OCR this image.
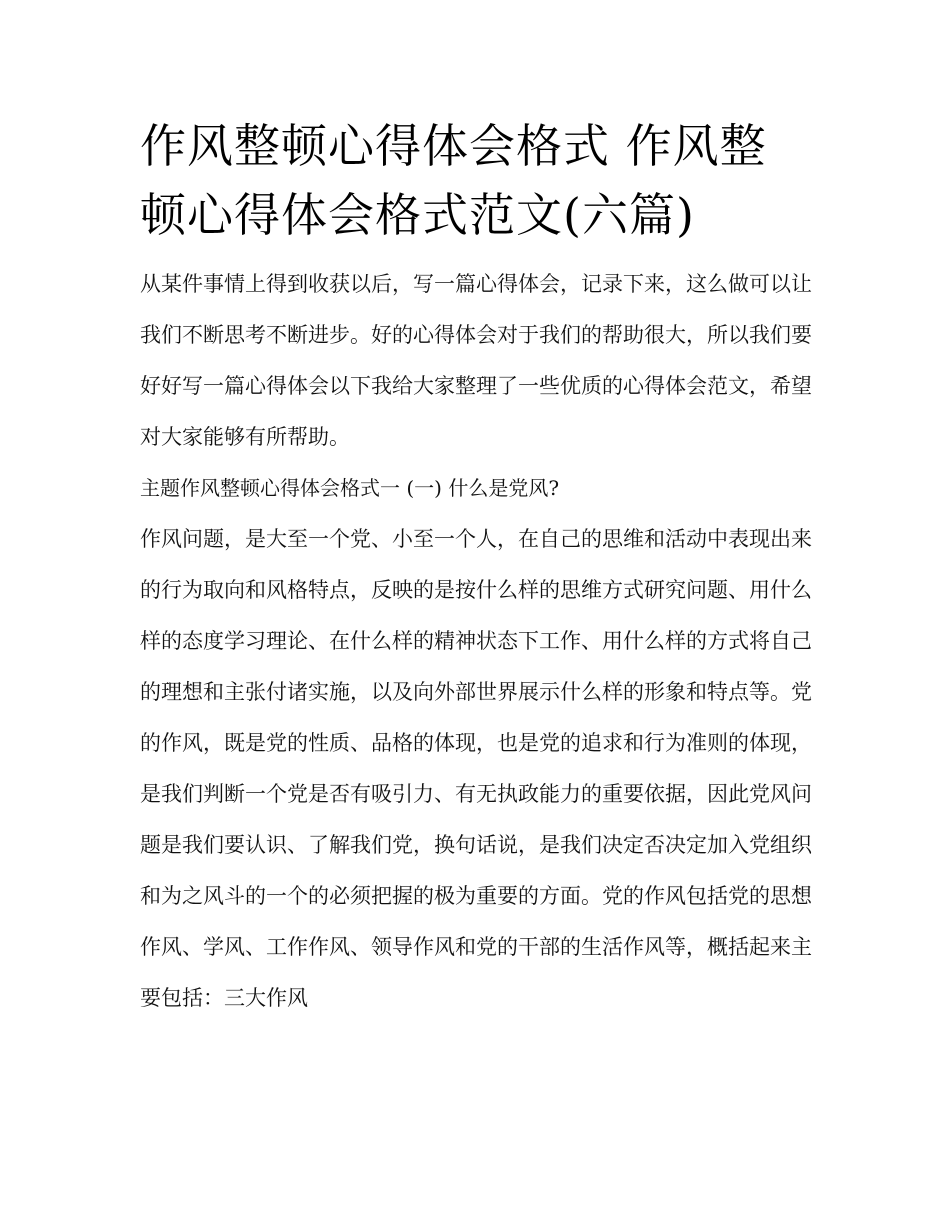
作风整顿心得体会格式 作风整顿心得体会格式范文(六篇)

从某件事情上得到收获以后，写一篇心得体会，记录下来，这么做可以让我们不断思考不断进步。好的心得体会对于我们的帮助很大，所以我们要好好写一篇心得体会以下我给大家整理了一些优质的心得体会范文，希望对大家能够有所帮助。

主题作风整顿心得体会格式一 (一) 什么是党风?

作风问题，是大至一个党、小至一个人，在自己的思维和活动中表现出来的行为取向和风格特点，反映的是按什么样的思维方式研究问题、用什么样的态度学习理论、在什么样的精神状态下工作、用什么样的方式将自己的理想和主张付诸实施，以及向外部世界展示什么样的形象和特点等。党的作风，既是党的性质、品格的体现，也是党的追求和行为准则的体现，是我们判断一个党是否有吸引力、有无执政能力的重要依据，因此党风问题是我们要认识、了解我们党，换句话说，是我们决定否决定加入党组织和为之风斗的一个的必须把握的极为重要的方面。党的作风包括党的思想作风、学风、工作作风、领导作风和党的干部的生活作风等，概括起来主要包括：三大作风
